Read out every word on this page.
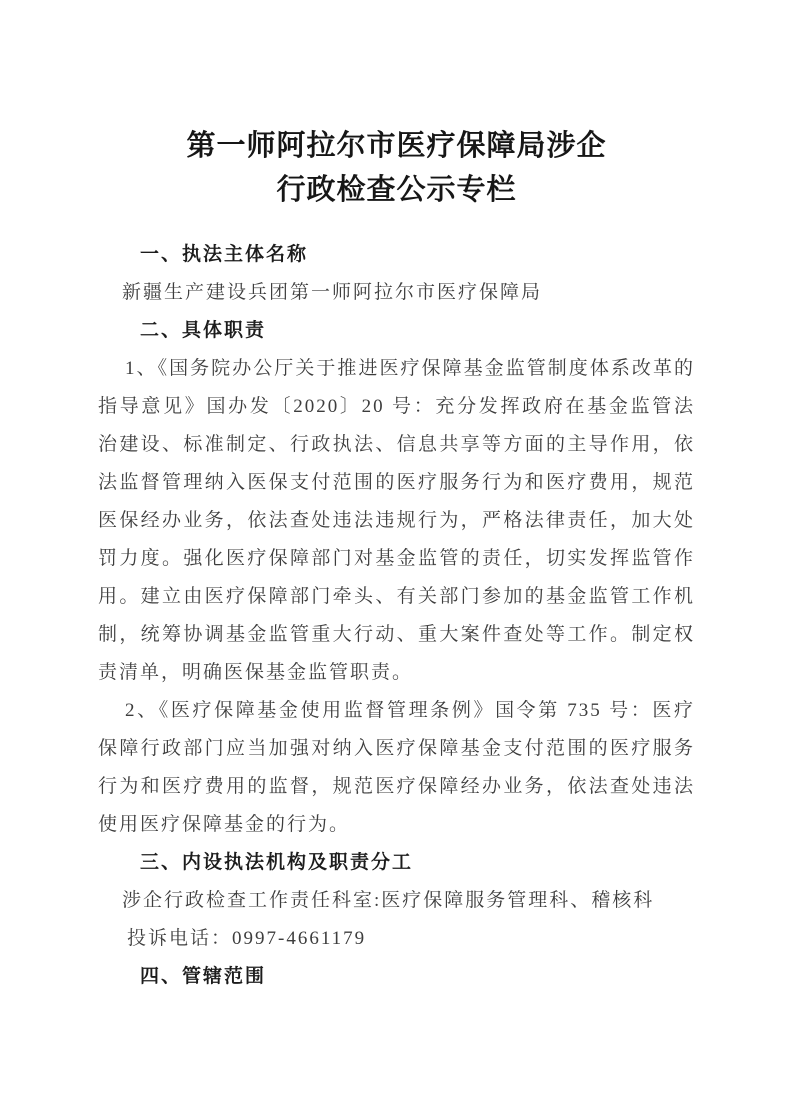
第一师阿拉尔市医疗保障局涉企
行政检查公示专栏

一、执法主体名称

新疆生产建设兵团第一师阿拉尔市医疗保障局

二、具体职责

1、《国务院办公厅关于推进医疗保障基金监管制度体系改革的指导意见》国办发〔2020〕20 号：充分发挥政府在基金监管法治建设、标准制定、行政执法、信息共享等方面的主导作用，依法监督管理纳入医保支付范围的医疗服务行为和医疗费用，规范医保经办业务，依法查处违法违规行为，严格法律责任，加大处罚力度。强化医疗保障部门对基金监管的责任，切实发挥监管作用。建立由医疗保障部门牵头、有关部门参加的基金监管工作机制，统筹协调基金监管重大行动、重大案件查处等工作。制定权责清单，明确医保基金监管职责。

2、《医疗保障基金使用监督管理条例》国令第 735 号：医疗保障行政部门应当加强对纳入医疗保障基金支付范围的医疗服务行为和医疗费用的监督，规范医疗保障经办业务，依法查处违法使用医疗保障基金的行为。

三、内设执法机构及职责分工

涉企行政检查工作责任科室:医疗保障服务管理科、稽核科

投诉电话：0997-4661179

四、管辖范围
